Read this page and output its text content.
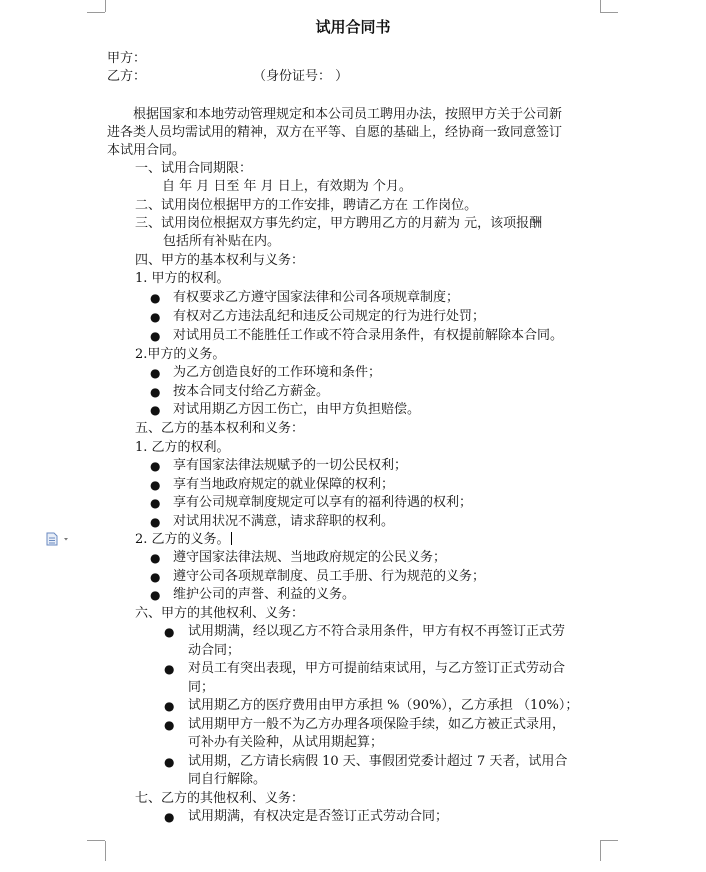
试用合同书
甲方：
乙方：	（身份证号： ）
根据国家和本地劳动管理规定和本公司员工聘用办法，按照甲方关于公司新
进各类人员均需试用的精神，双方在平等、自愿的基础上，经协商一致同意签订
本试用合同。
一、试用合同期限：
自 年 月 日至 年 月 日上，有效期为 个月。
二、试用岗位根据甲方的工作安排，聘请乙方在 工作岗位。
三、试用岗位根据双方事先约定，甲方聘用乙方的月薪为 元，该项报酬
包括所有补贴在内。
四、甲方的基本权利与义务：
1. 甲方的权利。
● 有权要求乙方遵守国家法律和公司各项规章制度；
● 有权对乙方违法乱纪和违反公司规定的行为进行处罚；
● 对试用员工不能胜任工作或不符合录用条件，有权提前解除本合同。
2.甲方的义务。
● 为乙方创造良好的工作环境和条件；
● 按本合同支付给乙方薪金。
● 对试用期乙方因工伤亡，由甲方负担赔偿。
五、乙方的基本权利和义务：
1. 乙方的权利。
● 享有国家法律法规赋予的一切公民权利；
● 享有当地政府规定的就业保障的权利；
● 享有公司规章制度规定可以享有的福利待遇的权利；
● 对试用状况不满意，请求辞职的权利。
2. 乙方的义务。
● 遵守国家法律法规、当地政府规定的公民义务；
● 遵守公司各项规章制度、员工手册、行为规范的义务；
● 维护公司的声誉、利益的义务。
六、甲方的其他权利、义务：
● 试用期满，经以现乙方不符合录用条件，甲方有权不再签订正式劳
动合同；
● 对员工有突出表现，甲方可提前结束试用，与乙方签订正式劳动合
同；
● 试用期乙方的医疗费用由甲方承担 %（90%），乙方承担 （10%）；
● 试用期甲方一般不为乙方办理各项保险手续，如乙方被正式录用，
可补办有关险种，从试用期起算；
● 试用期，乙方请长病假 10 天、事假团党委计超过 7 天者，试用合
同自行解除。
七、乙方的其他权利、义务：
● 试用期满，有权决定是否签订正式劳动合同；
